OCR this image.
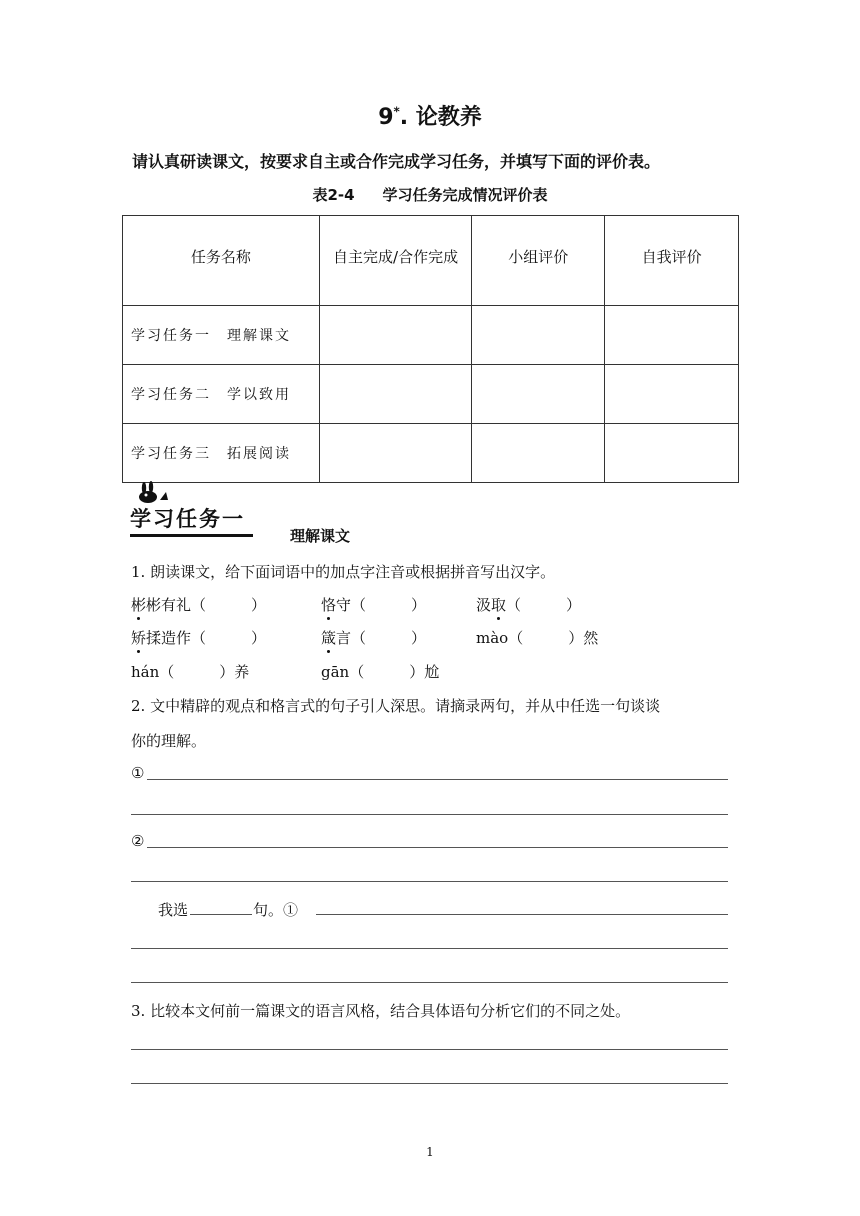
9*. 论教养
请认真研读课文，按要求自主或合作完成学习任务，并填写下面的评价表。
表2-4 学习任务完成情况评价表
任务名称	自主完成/合作完成	小组评价	自我评价
学习任务一　理解课文			
学习任务二　学以致用			
学习任务三　拓展阅读			
学习任务一
理解课文
1. 朗读课文，给下面词语中的加点字注音或根据拼音写出汉字。
彬彬有礼（　　　）	恪守（　　　）	汲取（　　　）
矫揉造作（　　　）	箴言（　　　）	mào（　　　）然
hán（　　　）养	gān（　　　）尬
2. 文中精辟的观点和格言式的句子引人深思。请摘录两句，并从中任选一句谈谈
你的理解。
①
②
我选	句。①
3. 比较本文何前一篇课文的语言风格，结合具体语句分析它们的不同之处。
1
